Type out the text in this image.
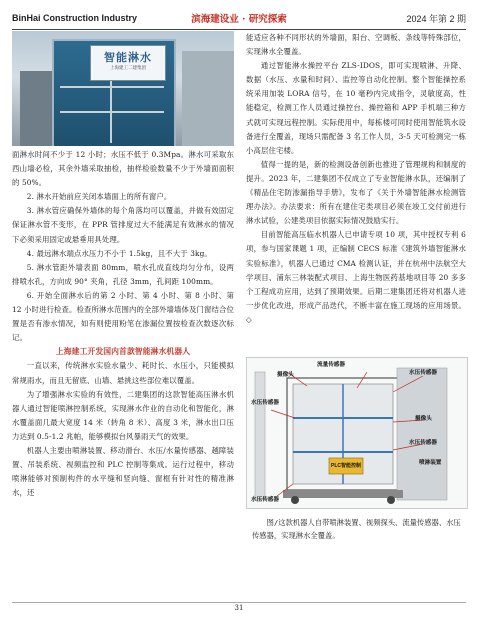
BinHai Construction Industry	滨海建设业 · 研究探索	2024 年第 2 期
智能淋水
上海建工二建集团

面淋水时间不少于 12 小时；水压不低于 0.3Mpa。淋水可采取东西山墙必检，其余外墙采取抽检，抽样检验数量不少于外墙面面积的 50%。

2. 淋水开始前应关闭本墙面上的所有窗户。

3. 淋水管应确保外墙体的每个角落均可以覆盖，并做有效固定保证淋水管不变形，在 PPR 管排度过大不能满足有效淋水的情况下必须采用固定或悬垂用具处理。

4. 最远淋水端点水压力不小于 1.5kg，且不大于 3kg。

5. 淋水管距外墙表面 80mm，喷水孔成直线均匀分布，设两排喷水孔，方向成 90° 夹角，孔径 3mm，孔间距 100mm。

6. 开始全面淋水后的第 2 小时、第 4 小时、第 8 小时、第 12 小时进行检查。检查所淋水范围内的全部外墙墙体及门窗结合位置是否有渗水情况，如有则使用粉笔在渗漏位置按检查次数逐次标记。

上海建工开发国内首款智能淋水机器人

一直以来，传统淋水实验水量少、耗时长、水压小，只能模拟常规雨水，而且无留底、山墙、悬挑这些部位难以覆盖。

为了增强淋水实验的有效性，二建集团的这款智能高压淋水机器人通过智能喷淋控制系统，实现淋水作业的自动化和智能化，淋水覆盖面几最大宽度 14 米（转角 8 米）、高度 3 米，淋水出口压力达到 0.5-1.2 兆帕，能够模拟台风暴雨天气的效果。

机器人主要由喷淋装置、移动滑台、水压/水量传感器、越障装置、吊装系统、视频监控和 PLC 控制等集成。运行过程中，移动喷淋能够对预制构件的水平缝和竖向缝、窗框有针对性的精准淋水，还

能适应各种不同形状的外墙面，阳台、空调板、条线等特殊部位，实现淋水全覆盖。

通过智能淋水操控平台 ZLS-IDOS，即可实现喷淋、升降、数据（水压、水量和时间）、监控等自动化控制。整个智能操控系统采用加装 LORA 信号，在 10 毫秒内完成指令，灵敏度高，性能稳定，检测工作人员通过操控台、操控箱和 APP 手机端三种方式就可实现远程控制。实际使用中，每栋楼可同时使用智能筑水设备进行全覆盖，现场只需配备 3 名工作人员，3-5 天可检测完一栋小高层住宅楼。

值得一提的是，新的检测设备创新也推进了管理规构和制度的提升。2023 年，二建集团不仅成立了专业智能淋水队，还编制了《精品住宅防渗漏指导手册》，发布了《关于外墙智能淋水检测管理办法》。办法要求：所有在建住宅类项目必须在竣工交付前进行淋水试验，公建类项目依据实际情况鼓励实行。

目前智能高压临水机器人已申请专项 10 项，其中授权专利 6 项，参与国家课题 1 项，正编制 CECS 标准《建筑外墙智能淋水实验标准》，机器人已通过 CMA 检测认证，并在杭州中法航空大学项目、浦东三林装配式项目、上海生物医药基地项目等 20 多多个工程成功应用，达到了预期效果。后期二建集团还将对机器人进一步优化改进，形成产品迭代，不断丰富在施工现场的应用场景。◇

流量传感器
摄像头	水压传感器
水压传感器
摄像头
水压传感器
喷淋装置
PLC智能控制
水压传感器
图/这款机器人自带喷淋装置、视频探头、流量传感器、水压传感器，实现淋水全覆盖。
31
